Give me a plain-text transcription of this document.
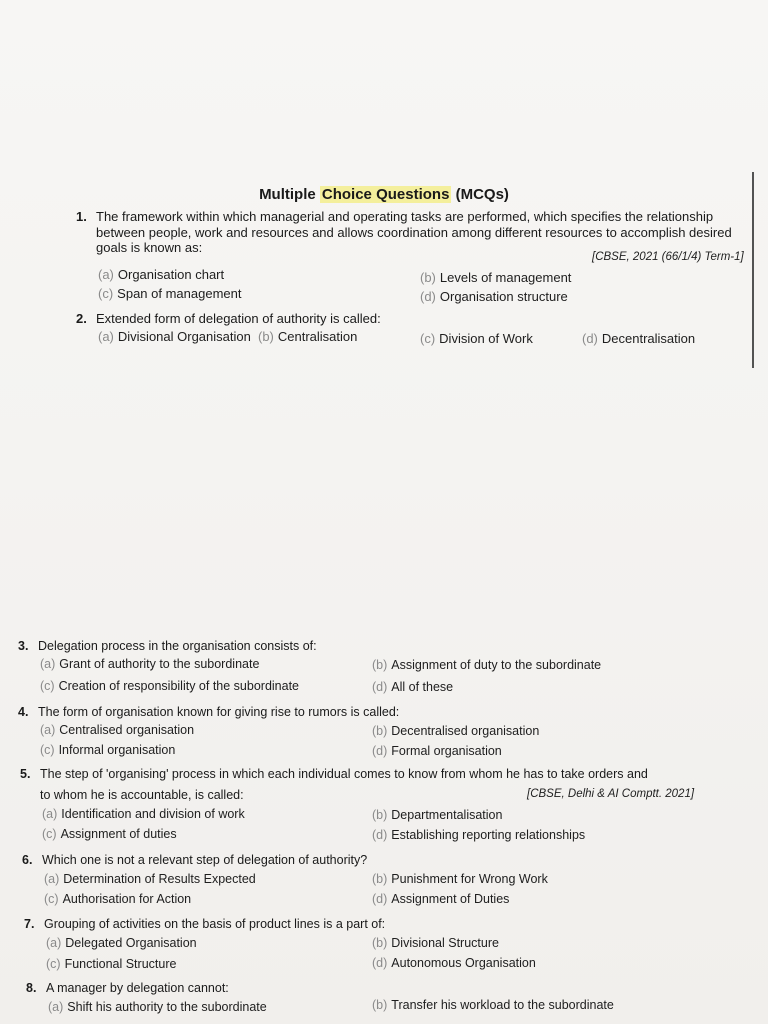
Multiple Choice Questions (MCQs)
1. The framework within which managerial and operating tasks are performed, which specifies the relationship between people, work and resources and allows coordination among different resources to accomplish desired goals is known as:
[CBSE, 2021 (66/1/4) Term-1]
(a) Organisation chart	(b) Levels of management
(c) Span of management	(d) Organisation structure
2. Extended form of delegation of authority is called:
(a) Divisional Organisation (b) Centralisation	(c) Division of Work	(d) Decentralisation
3. Delegation process in the organisation consists of:
(a) Grant of authority to the subordinate	(b) Assignment of duty to the subordinate
(c) Creation of responsibility of the subordinate	(d) All of these
4. The form of organisation known for giving rise to rumors is called:
(a) Centralised organisation	(b) Decentralised organisation
(c) Informal organisation	(d) Formal organisation
5. The step of 'organising' process in which each individual comes to know from whom he has to take orders and
to whom he is accountable, is called:	[CBSE, Delhi & AI Comptt. 2021]
(a) Identification and division of work	(b) Departmentalisation
(c) Assignment of duties	(d) Establishing reporting relationships
6. Which one is not a relevant step of delegation of authority?
(a) Determination of Results Expected	(b) Punishment for Wrong Work
(c) Authorisation for Action	(d) Assignment of Duties
7. Grouping of activities on the basis of product lines is a part of:
(a) Delegated Organisation	(b) Divisional Structure
(c) Functional Structure	(d) Autonomous Organisation
8. A manager by delegation cannot:
(a) Shift his authority to the subordinate	(b) Transfer his workload to the subordinate
